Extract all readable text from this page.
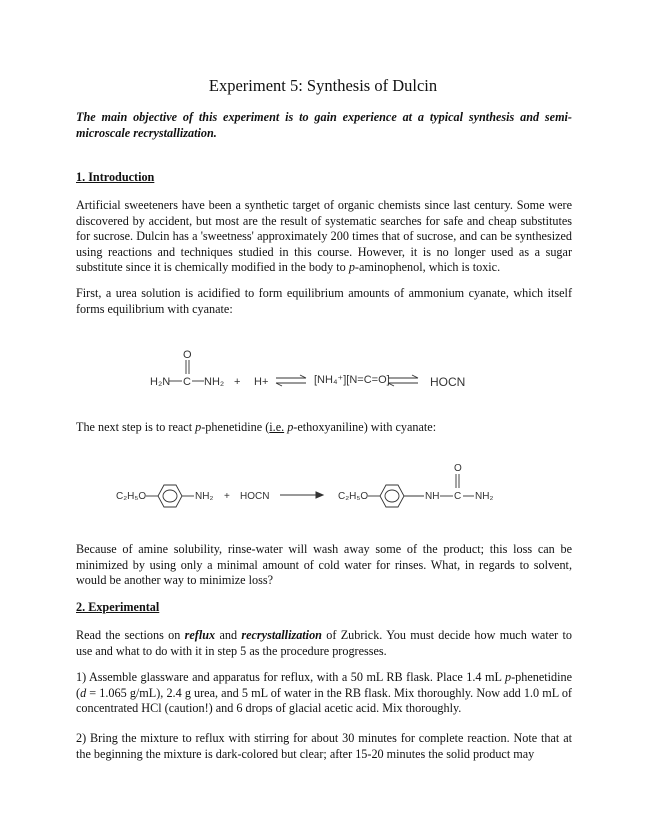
Experiment 5: Synthesis of Dulcin

The main objective of this experiment is to gain experience at a typical synthesis and semi-microscale recrystallization.

1. Introduction

Artificial sweeteners have been a synthetic target of organic chemists since last century. Some were discovered by accident, but most are the result of systematic searches for safe and cheap substitutes for sucrose. Dulcin has a 'sweetness' approximately 200 times that of sucrose, and can be synthesized using reactions and techniques studied in this course. However, it is no longer used as a sugar substitute since it is chemically modified in the body to p-aminophenol, which is toxic.

First, a urea solution is acidified to form equilibrium amounts of ammonium cyanate, which itself forms equilibrium with cyanate:

H₂N C NH₂
O
+ H+	[NH₄⁺][N=C=O]	HOCN

The next step is to react p-phenetidine (i.e. p-ethoxyaniline) with cyanate:

C₂H₅O	NH₂ + HOCN	C₂H₅O	NH C NH₂
O

Because of amine solubility, rinse-water will wash away some of the product; this loss can be minimized by using only a minimal amount of cold water for rinses. What, in regards to solvent, would be another way to minimize loss?

2. Experimental

Read the sections on reflux and recrystallization of Zubrick. You must decide how much water to use and what to do with it in step 5 as the procedure progresses.

1) Assemble glassware and apparatus for reflux, with a 50 mL RB flask. Place 1.4 mL p-phenetidine (d = 1.065 g/mL), 2.4 g urea, and 5 mL of water in the RB flask. Mix thoroughly. Now add 1.0 mL of concentrated HCl (caution!) and 6 drops of glacial acetic acid. Mix thoroughly.

2) Bring the mixture to reflux with stirring for about 30 minutes for complete reaction. Note that at the beginning the mixture is dark-colored but clear; after 15-20 minutes the solid product may
